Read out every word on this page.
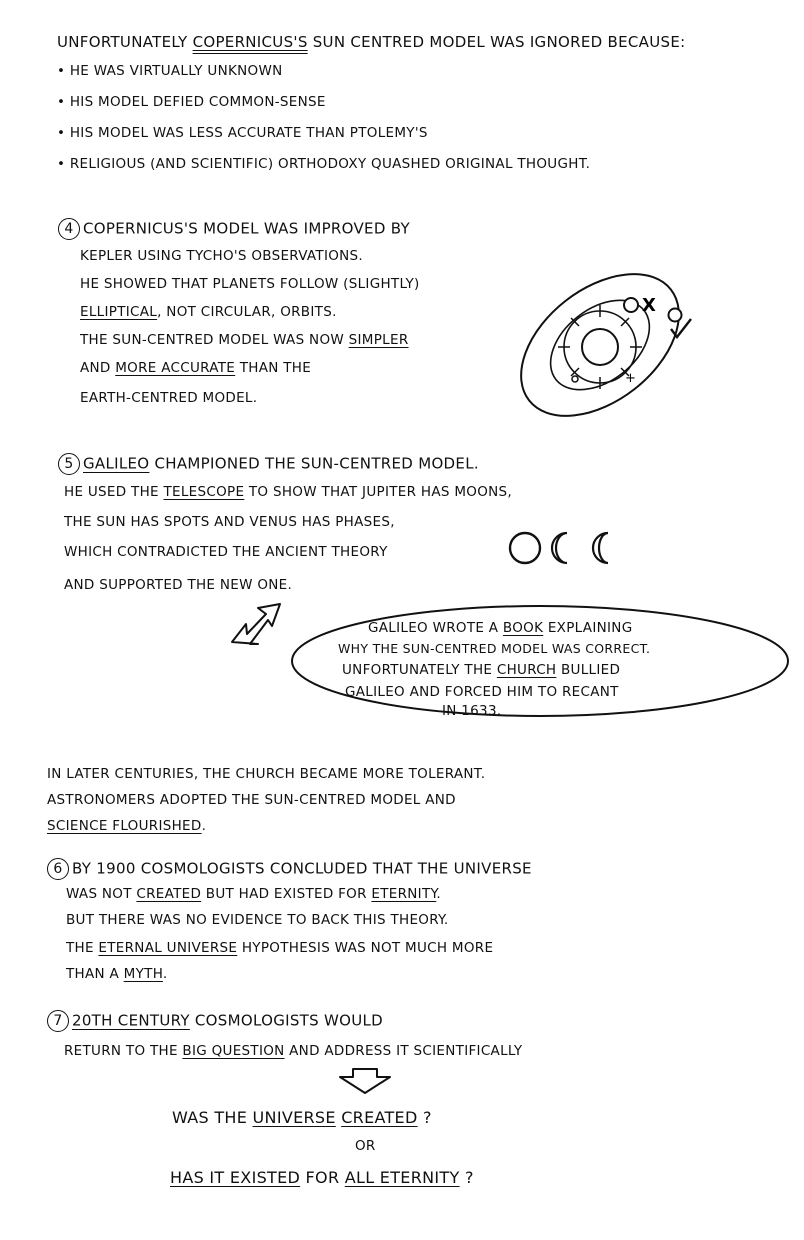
UNFORTUNATELY COPERNICUS'S SUN CENTRED MODEL WAS IGNORED BECAUSE:
• HE WAS VIRTUALLY UNKNOWN
• HIS MODEL DEFIED COMMON-SENSE
• HIS MODEL WAS LESS ACCURATE THAN PTOLEMY'S
• RELIGIOUS (AND SCIENTIFIC) ORTHODOXY QUASHED ORIGINAL THOUGHT.
4 COPERNICUS'S MODEL WAS IMPROVED BY
KEPLER USING TYCHO'S OBSERVATIONS.
HE SHOWED THAT PLANETS FOLLOW (SLIGHTLY)
ELLIPTICAL, NOT CIRCULAR, ORBITS.
THE SUN-CENTRED MODEL WAS NOW SIMPLER
AND MORE ACCURATE THAN THE
EARTH-CENTRED MODEL.
X
+
5 GALILEO CHAMPIONED THE SUN-CENTRED MODEL.
HE USED THE TELESCOPE TO SHOW THAT JUPITER HAS MOONS,
THE SUN HAS SPOTS AND VENUS HAS PHASES,
WHICH CONTRADICTED THE ANCIENT THEORY
AND SUPPORTED THE NEW ONE.
GALILEO WROTE A BOOK EXPLAINING
WHY THE SUN-CENTRED MODEL WAS CORRECT.
UNFORTUNATELY THE CHURCH BULLIED
GALILEO AND FORCED HIM TO RECANT
IN 1633.
IN LATER CENTURIES, THE CHURCH BECAME MORE TOLERANT.
ASTRONOMERS ADOPTED THE SUN-CENTRED MODEL AND
SCIENCE FLOURISHED.
6 BY 1900 COSMOLOGISTS CONCLUDED THAT THE UNIVERSE
WAS NOT CREATED BUT HAD EXISTED FOR ETERNITY.
BUT THERE WAS NO EVIDENCE TO BACK THIS THEORY.
THE ETERNAL UNIVERSE HYPOTHESIS WAS NOT MUCH MORE
THAN A MYTH.
7 20TH CENTURY COSMOLOGISTS WOULD
RETURN TO THE BIG QUESTION AND ADDRESS IT SCIENTIFICALLY
WAS THE UNIVERSE CREATED ?
OR
HAS IT EXISTED FOR ALL ETERNITY ?
